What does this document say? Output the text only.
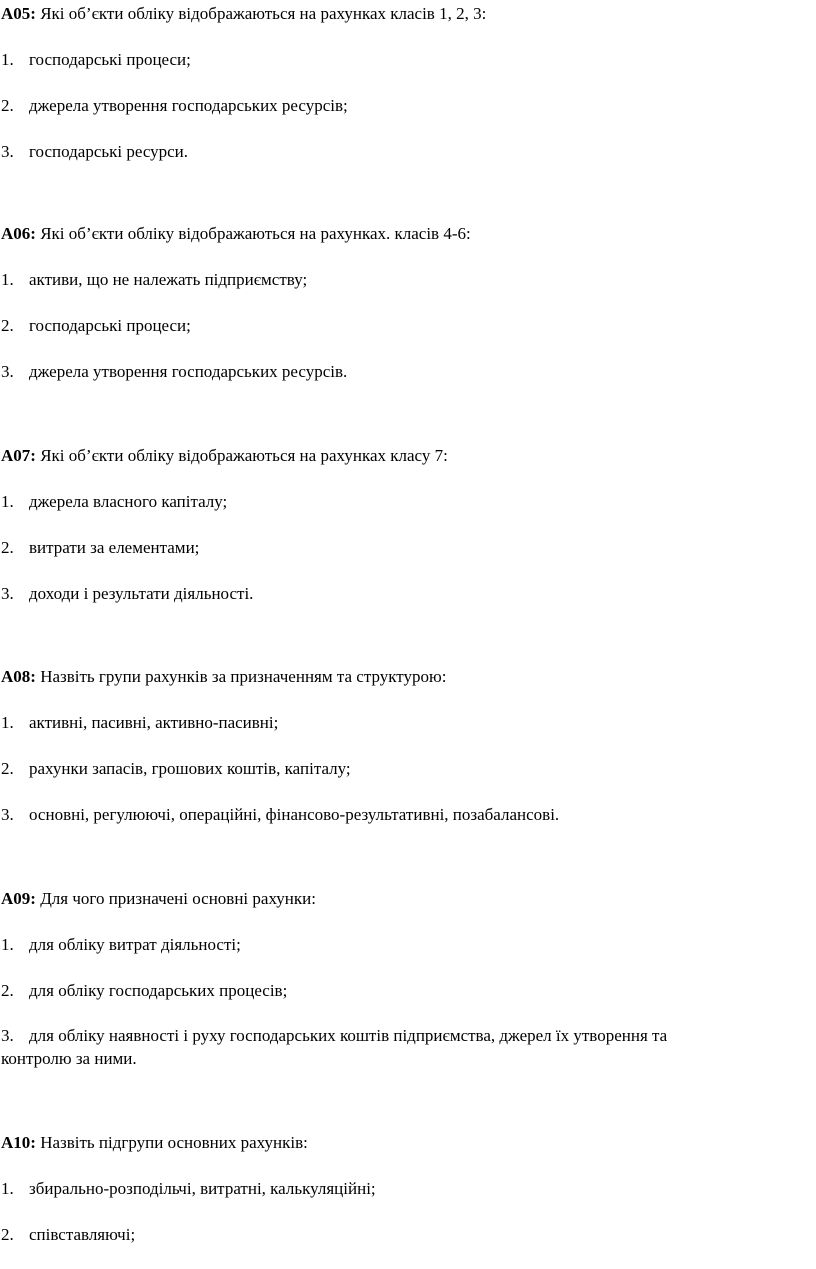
A05: Які об’єкти обліку відображаються на рахунках класів 1, 2, 3:
1. господарські процеси;
2. джерела утворення господарських ресурсів;
3. господарські ресурси.
A06: Які об’єкти обліку відображаються на рахунках. класів 4-6:
1. активи, що не належать підприємству;
2. господарські процеси;
3. джерела утворення господарських ресурсів.
A07: Які об’єкти обліку відображаються на рахунках класу 7:
1. джерела власного капіталу;
2. витрати за елементами;
3. доходи і результати діяльності.
A08: Назвіть групи рахунків за призначенням та структурою:
1. активні, пасивні, активно-пасивні;
2. рахунки запасів, грошових коштів, капіталу;
3. основні, регулюючі, операційні, фінансово-результативні, позабалансові.
A09: Для чого призначені основні рахунки:
1. для обліку витрат діяльності;
2. для обліку господарських процесів;
3. для обліку наявності і руху господарських коштів підприємства, джерел їх утворення та
контролю за ними.
A10: Назвіть підгрупи основних рахунків:
1. збирально-розподільчі, витратні, калькуляційні;
2. співставляючі;
